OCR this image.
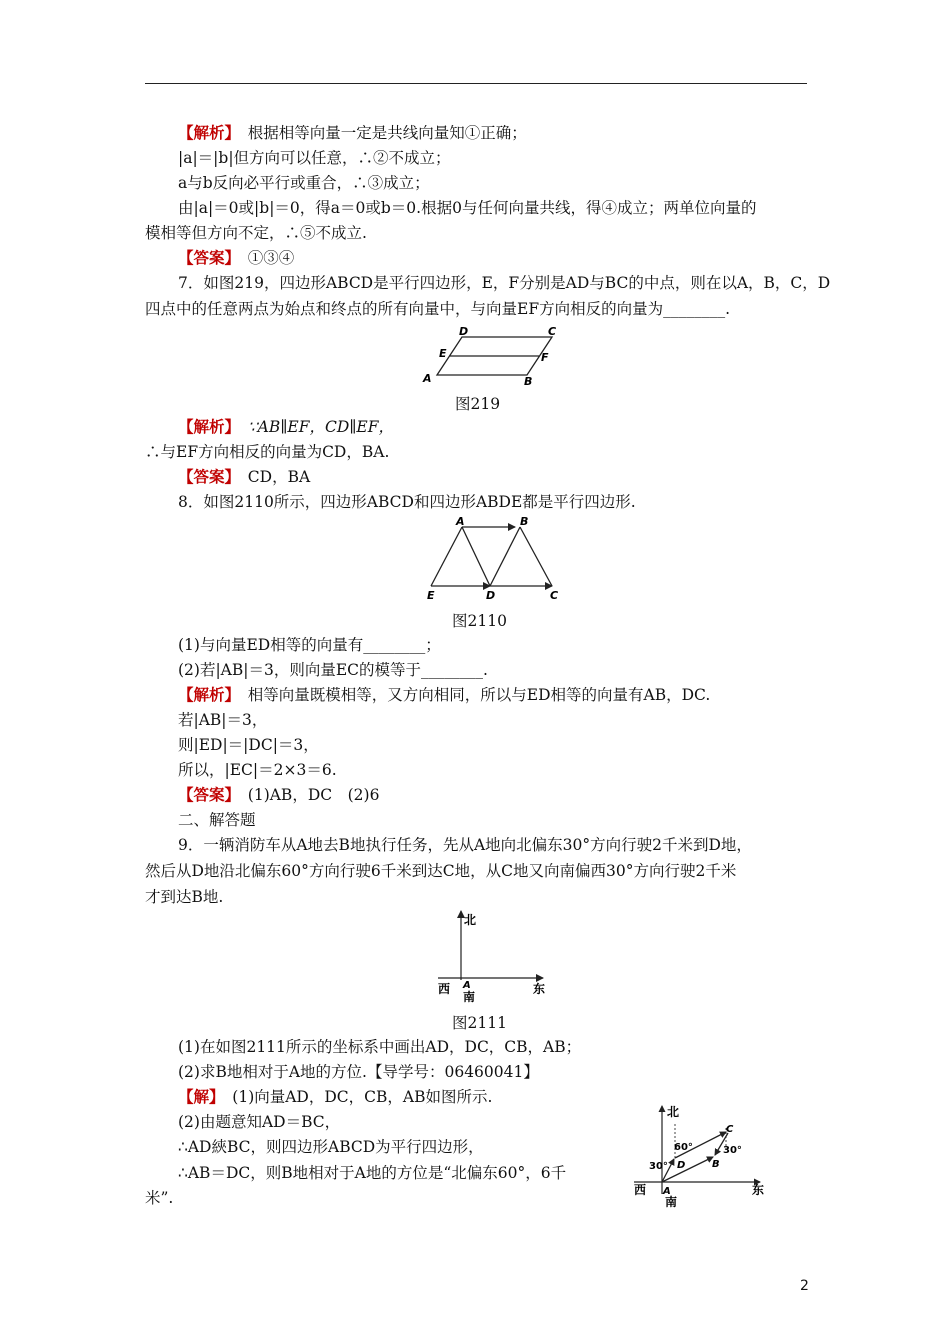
【解析】　 根据相等向量一定是共线向量知①正确；
|a|＝|b|但方向可以任意，∴②不成立；
a与b反向必平行或重合，∴③成立；
由|a|＝0或|b|＝0，得a＝0或b＝0.根据0与任何向量共线，得④成立；两单位向量的
模相等但方向不定，∴⑤不成立.
【答案】　 ①③④
7．如图219，四边形ABCD是平行四边形，E，F分别是AD与BC的中点，则在以A，B，C，D
四点中的任意两点为始点和终点的所有向量中，与向量EF方向相反的向量为________.
A	B
C
D
E	F
图219
【解析】　 ∵AB∥EF，CD∥EF，
∴与EF方向相反的向量为CD，BA.
【答案】　 CD，BA
8．如图2110所示，四边形ABCD和四边形ABDE都是平行四边形.
A	B
C
D
E
图2110
(1)与向量ED相等的向量有________；
(2)若|AB|＝3，则向量EC的模等于________.
【解析】　 相等向量既模相等，又方向相同，所以与ED相等的向量有AB，DC.
若|AB|＝3，
则|ED|＝|DC|＝3，
所以，|EC|＝2×3＝6.
【答案】　 (1)AB，DC　(2)6
二、解答题
9．一辆消防车从A地去B地执行任务，先从A地向北偏东30°方向行驶2千米到D地，
然后从D地沿北偏东60°方向行驶6千米到达C地，从C地又向南偏西30°方向行驶2千米
才到达B地.
北
西	东
A
南
图2111
(1)在如图2111所示的坐标系中画出AD，DC，CB，AB；
(2)求B地相对于A地的方位.【导学号：06460041】
【解】　 (1)向量AD，DC，CB，AB如图所示.
(2)由题意知AD＝BC，
∴AD綊BC，则四边形ABCD为平行四边形，
∴AB＝DC，则B地相对于A地的方位是“北偏东60°，6千
米”.
北
西	东
A
南
B
C
D
60°
30°
30°
2
